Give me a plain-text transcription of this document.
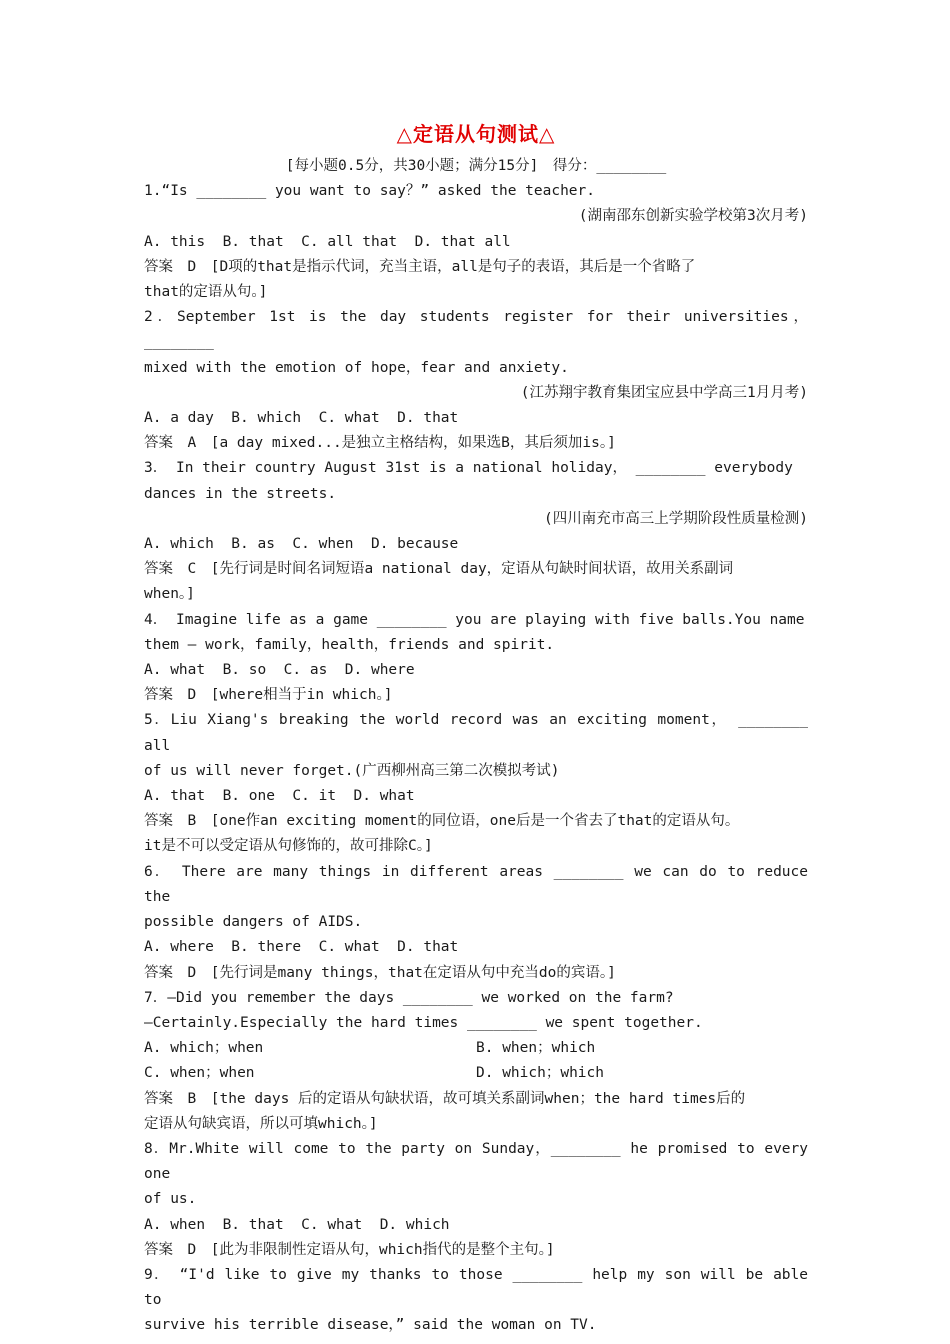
△定语从句测试△
[每小题0.5分，共30小题；满分15分]　得分：________
1.“Is ________ you want to say？” asked the teacher.
(湖南邵东创新实验学校第3次月考)
A. this  B. that  C. all that  D. that all
答案　D　[D项的that是指示代词，充当主语，all是句子的表语，其后是一个省略了
that的定语从句。]
2．September 1st is the day students register for their universities，________
mixed with the emotion of hope，fear and anxiety.
(江苏翔宇教育集团宝应县中学高三1月月考)
A. a day  B. which  C. what  D. that
答案　A　[a day mixed...是独立主格结构，如果选B，其后须加is。]
3． In their country August 31st is a national holiday， ________ everybody
dances in the streets.
(四川南充市高三上学期阶段性质量检测)
A. which  B. as  C. when  D. because
答案　C　[先行词是时间名词短语a national day，定语从句缺时间状语，故用关系副词
when。]
4． Imagine life as a game ________ you are playing with five balls.You name
them — work，family，health，friends and spirit.
A. what  B. so  C. as  D. where
答案　D　[where相当于in which。]
5．Liu Xiang's breaking the world record was an exciting moment， ________ all
of us will never forget.(广西柳州高三第二次模拟考试)
A. that  B. one  C. it  D. what
答案　B　[one作an exciting moment的同位语，one后是一个省去了that的定语从句。
it是不可以受定语从句修饰的，故可排除C。]
6． There are many things in different areas ________ we can do to reduce the
possible dangers of AIDS.
A. where  B. there  C. what  D. that
答案　D　[先行词是many things，that在定语从句中充当do的宾语。]
7．—Did you remember the days ________ we worked on the farm?
—Certainly.Especially the hard times ________ we spent together.
A. which；when	B. when；which
C. when；when	D. which；which
答案　B　[the days 后的定语从句缺状语，故可填关系副词when；the hard times后的
定语从句缺宾语，所以可填which。]
8．Mr.White will come to the party on Sunday，________ he promised to every one
of us.
A. when  B. that  C. what  D. which
答案　D　[此为非限制性定语从句，which指代的是整个主句。]
9． “I'd like to give my thanks to those ________ help my son will be able to
survive his terrible disease，” said the woman on TV.
